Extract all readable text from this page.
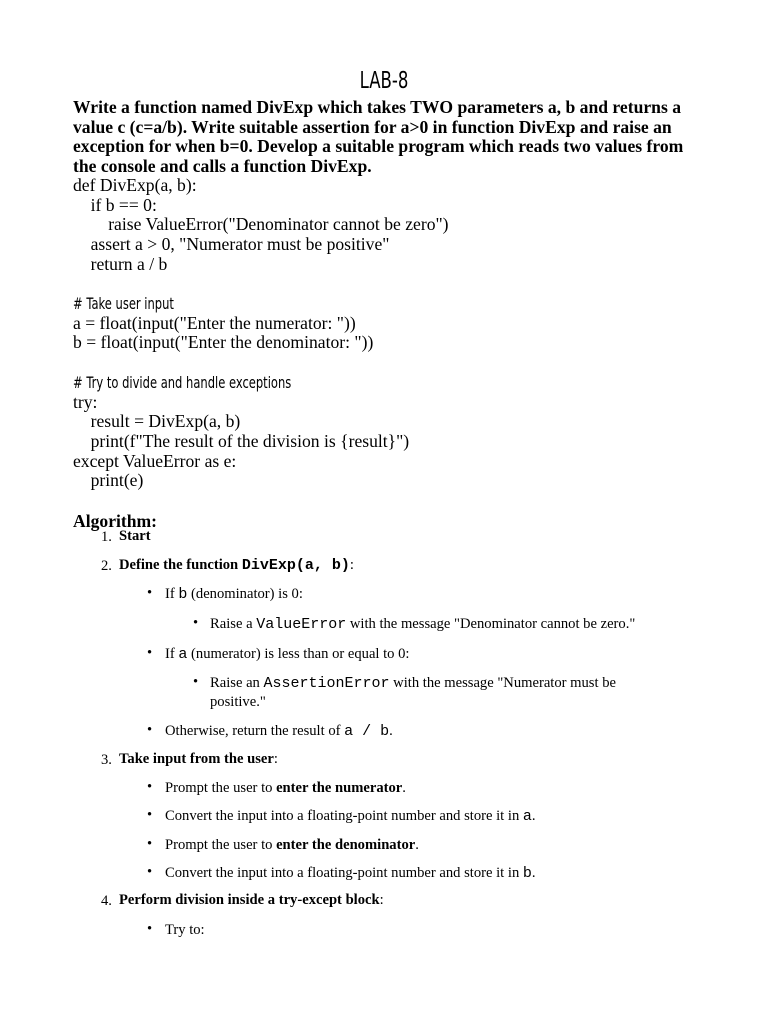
LAB-8
Write a function named DivExp which takes TWO parameters a, b and returns a value c (c=a/b). Write suitable assertion for a>0 in function DivExp and raise an exception for when b=0. Develop a suitable program which reads two values from the console and calls a function DivExp.
def DivExp(a, b):
if b == 0:
raise ValueError("Denominator cannot be zero")
assert a > 0, "Numerator must be positive"
return a / b
# Take user input
a = float(input("Enter the numerator: "))
b = float(input("Enter the denominator: "))
# Try to divide and handle exceptions
try:
result = DivExp(a, b)
print(f"The result of the division is {result}")
except ValueError as e:
print(e)
Algorithm:
1. Start
2. Define the function DivExp(a, b):
• If b (denominator) is 0:
• Raise a ValueError with the message "Denominator cannot be zero."
• If a (numerator) is less than or equal to 0:
• Raise an AssertionError with the message "Numerator must be
positive."
• Otherwise, return the result of a / b.
3. Take input from the user:
• Prompt the user to enter the numerator.
• Convert the input into a floating-point number and store it in a.
• Prompt the user to enter the denominator.
• Convert the input into a floating-point number and store it in b.
4. Perform division inside a try-except block:
• Try to:
